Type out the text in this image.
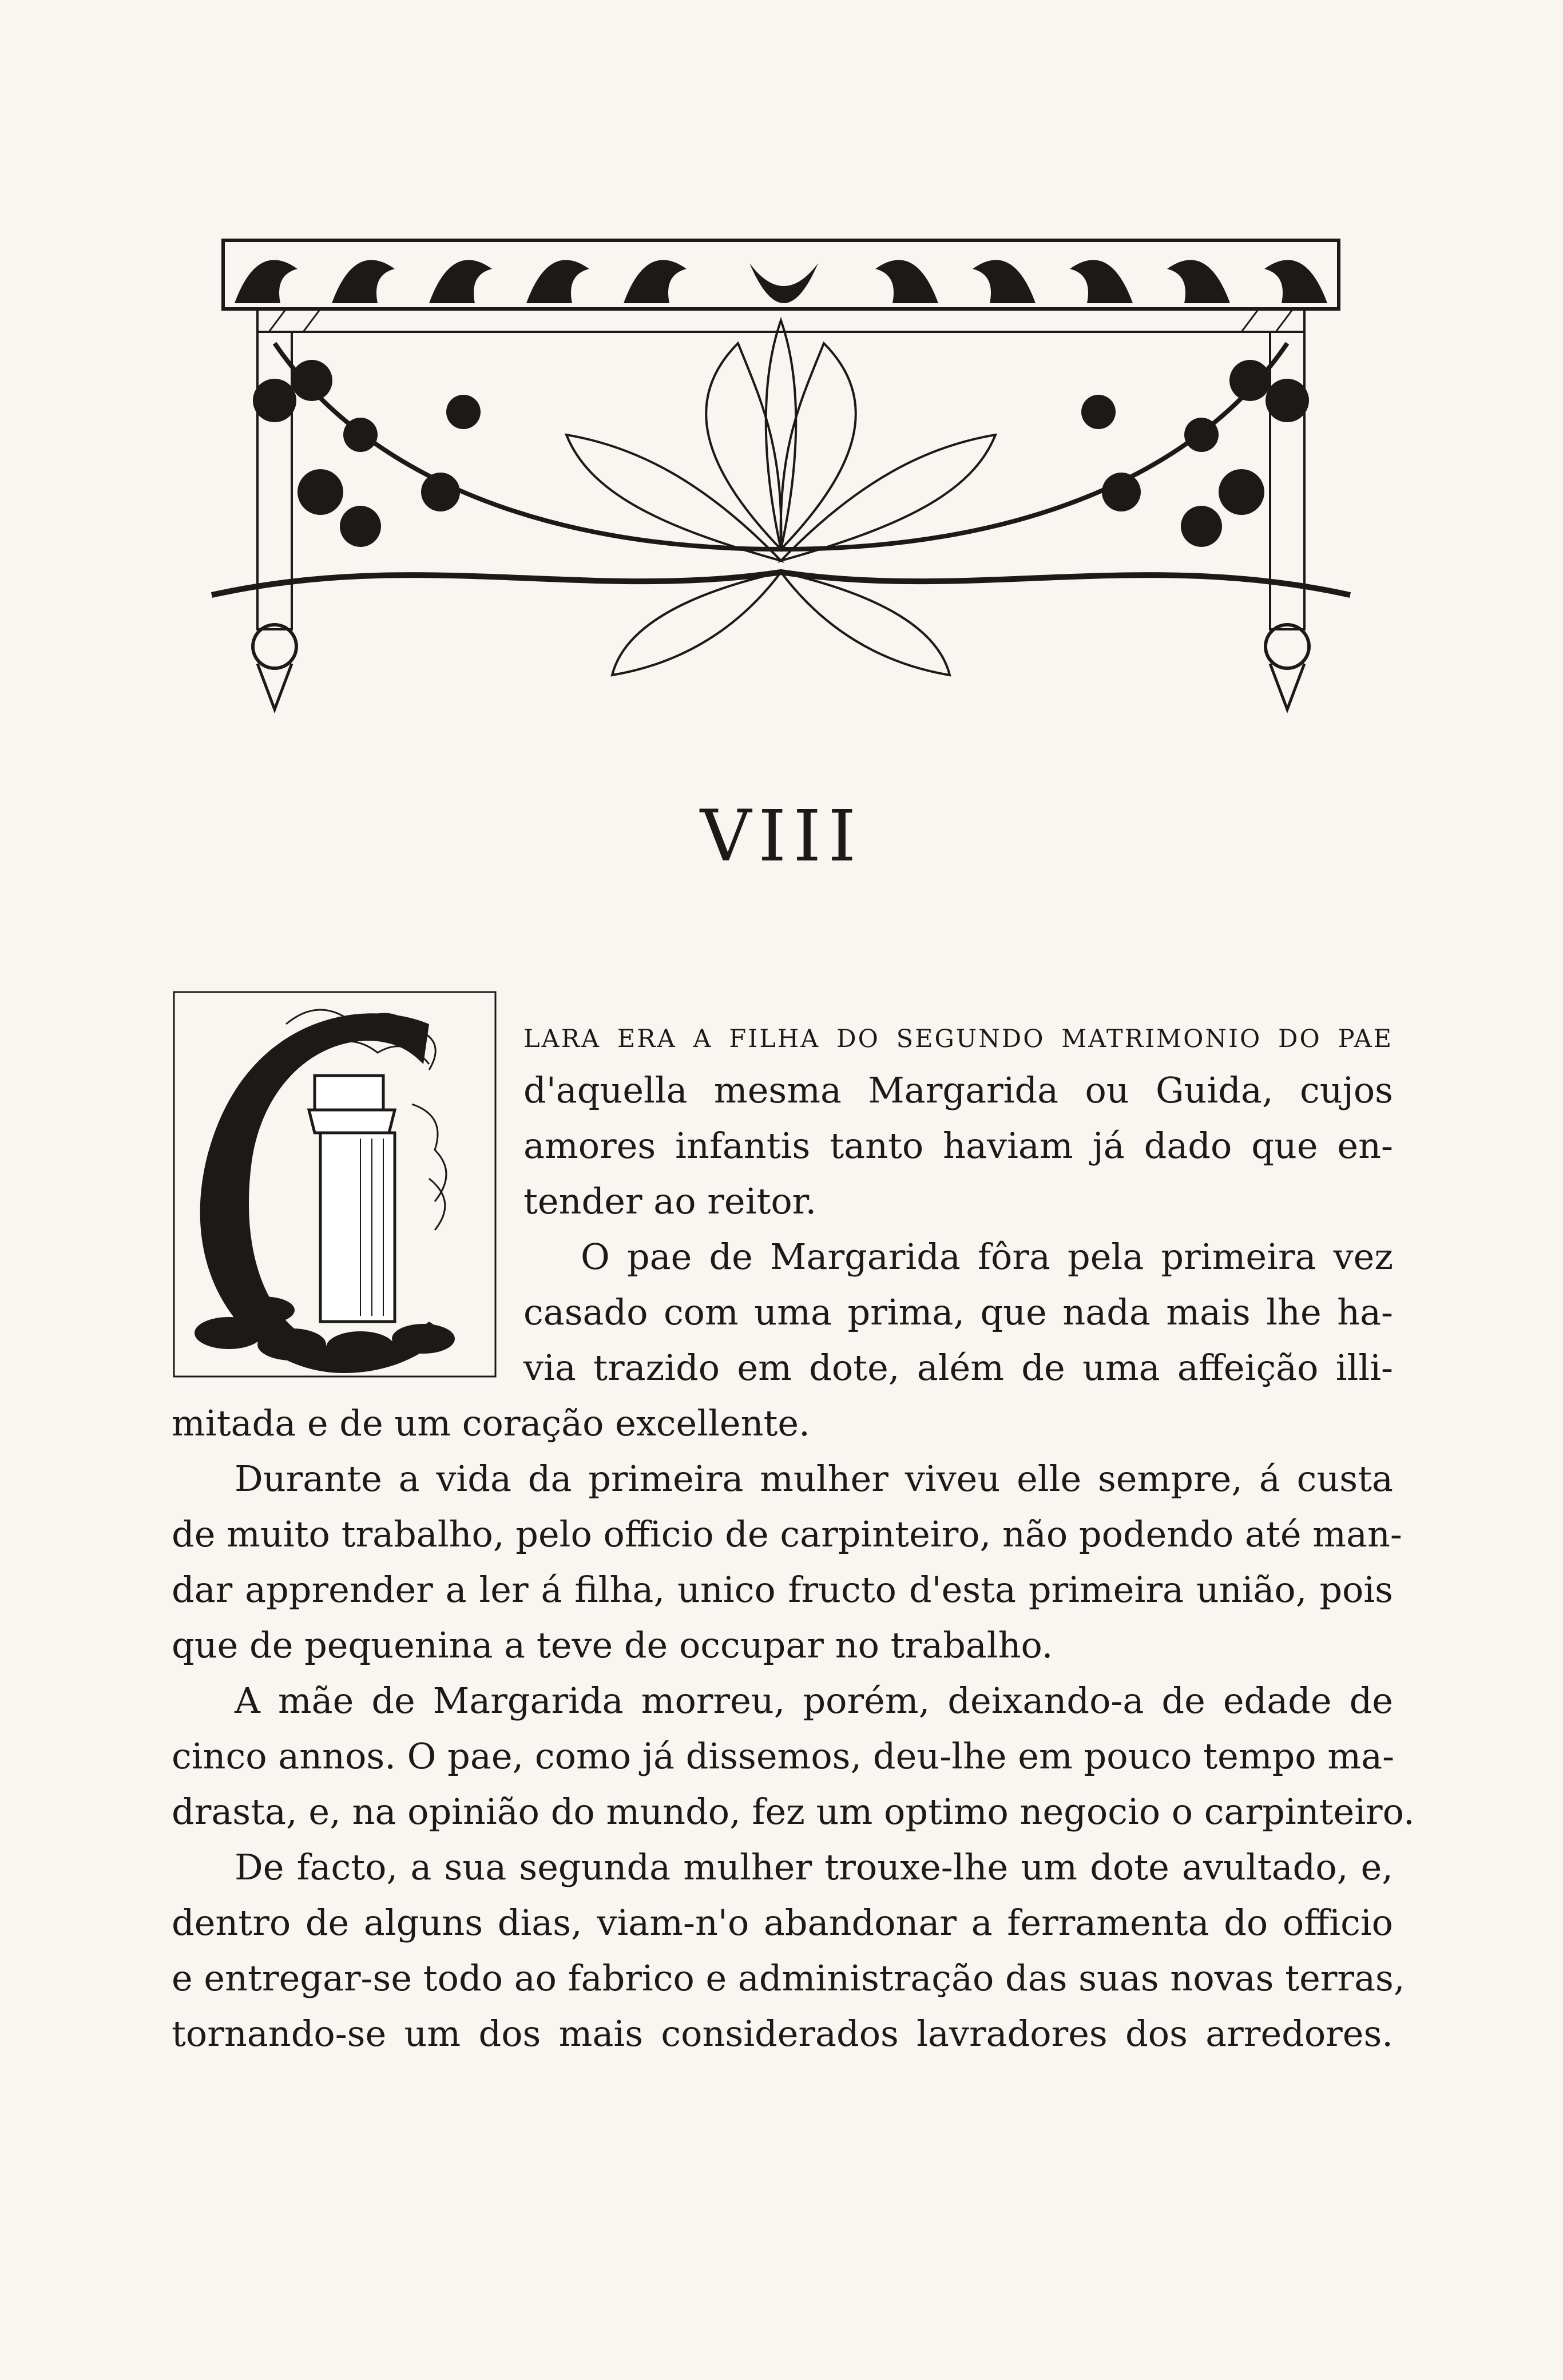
VIII
lara era a filha do segundo matrimonio do pae
d'aquella mesma Margarida ou Guida, cujos
amores infantis tanto haviam já dado que en-
tender ao reitor.
O pae de Margarida fôra pela primeira vez
casado com uma prima, que nada mais lhe ha-
via trazido em dote, além de uma affeição illi-
mitada e de um coração excellente.
Durante a vida da primeira mulher viveu elle sempre, á custa
de muito trabalho, pelo officio de carpinteiro, não podendo até man-
dar apprender a ler á filha, unico fructo d'esta primeira união, pois
que de pequenina a teve de occupar no trabalho.
A mãe de Margarida morreu, porém, deixando-a de edade de
cinco annos. O pae, como já dissemos, deu-lhe em pouco tempo ma-
drasta, e, na opinião do mundo, fez um optimo negocio o carpinteiro.
De facto, a sua segunda mulher trouxe-lhe um dote avultado, e,
dentro de alguns dias, viam-n'o abandonar a ferramenta do officio
e entregar-se todo ao fabrico e administração das suas novas terras,
tornando-se um dos mais considerados lavradores dos arredores.
